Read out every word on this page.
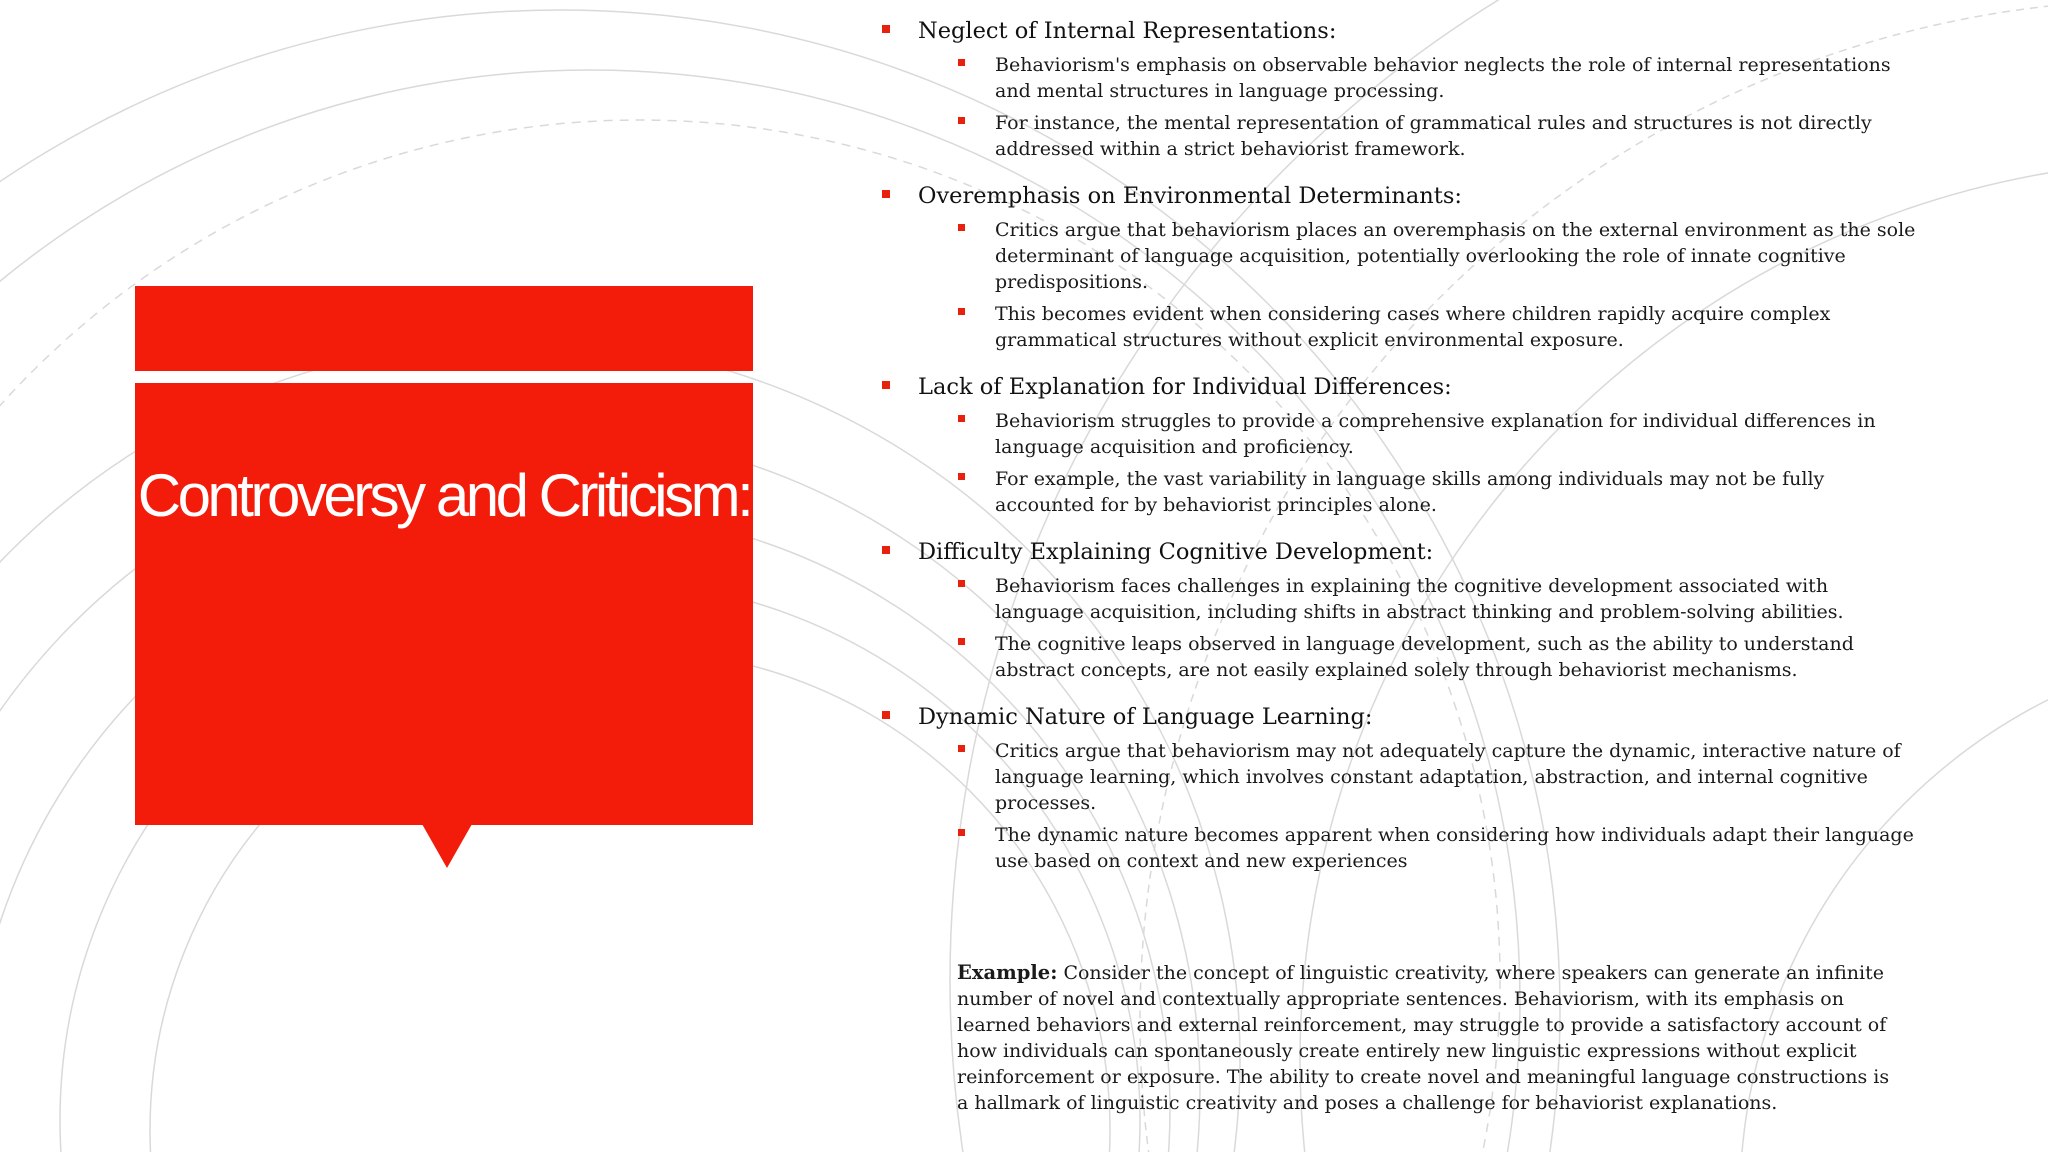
Controversy and Criticism:
Neglect of Internal Representations:
Behaviorism's emphasis on observable behavior neglects the role of internal representations and mental structures in language processing.
For instance, the mental representation of grammatical rules and structures is not directly addressed within a strict behaviorist framework.
Overemphasis on Environmental Determinants:
Critics argue that behaviorism places an overemphasis on the external environment as the sole determinant of language acquisition, potentially overlooking the role of innate cognitive predispositions.
This becomes evident when considering cases where children rapidly acquire complex grammatical structures without explicit environmental exposure.
Lack of Explanation for Individual Differences:
Behaviorism struggles to provide a comprehensive explanation for individual differences in language acquisition and proficiency.
For example, the vast variability in language skills among individuals may not be fully accounted for by behaviorist principles alone.
Difficulty Explaining Cognitive Development:
Behaviorism faces challenges in explaining the cognitive development associated with language acquisition, including shifts in abstract thinking and problem-solving abilities.
The cognitive leaps observed in language development, such as the ability to understand abstract concepts, are not easily explained solely through behaviorist mechanisms.
Dynamic Nature of Language Learning:
Critics argue that behaviorism may not adequately capture the dynamic, interactive nature of language learning, which involves constant adaptation, abstraction, and internal cognitive processes.
The dynamic nature becomes apparent when considering how individuals adapt their language use based on context and new experiences
Example: Consider the concept of linguistic creativity, where speakers can generate an infinite number of novel and contextually appropriate sentences. Behaviorism, with its emphasis on learned behaviors and external reinforcement, may struggle to provide a satisfactory account of how individuals can spontaneously create entirely new linguistic expressions without explicit reinforcement or exposure. The ability to create novel and meaningful language constructions is a hallmark of linguistic creativity and poses a challenge for behaviorist explanations.
